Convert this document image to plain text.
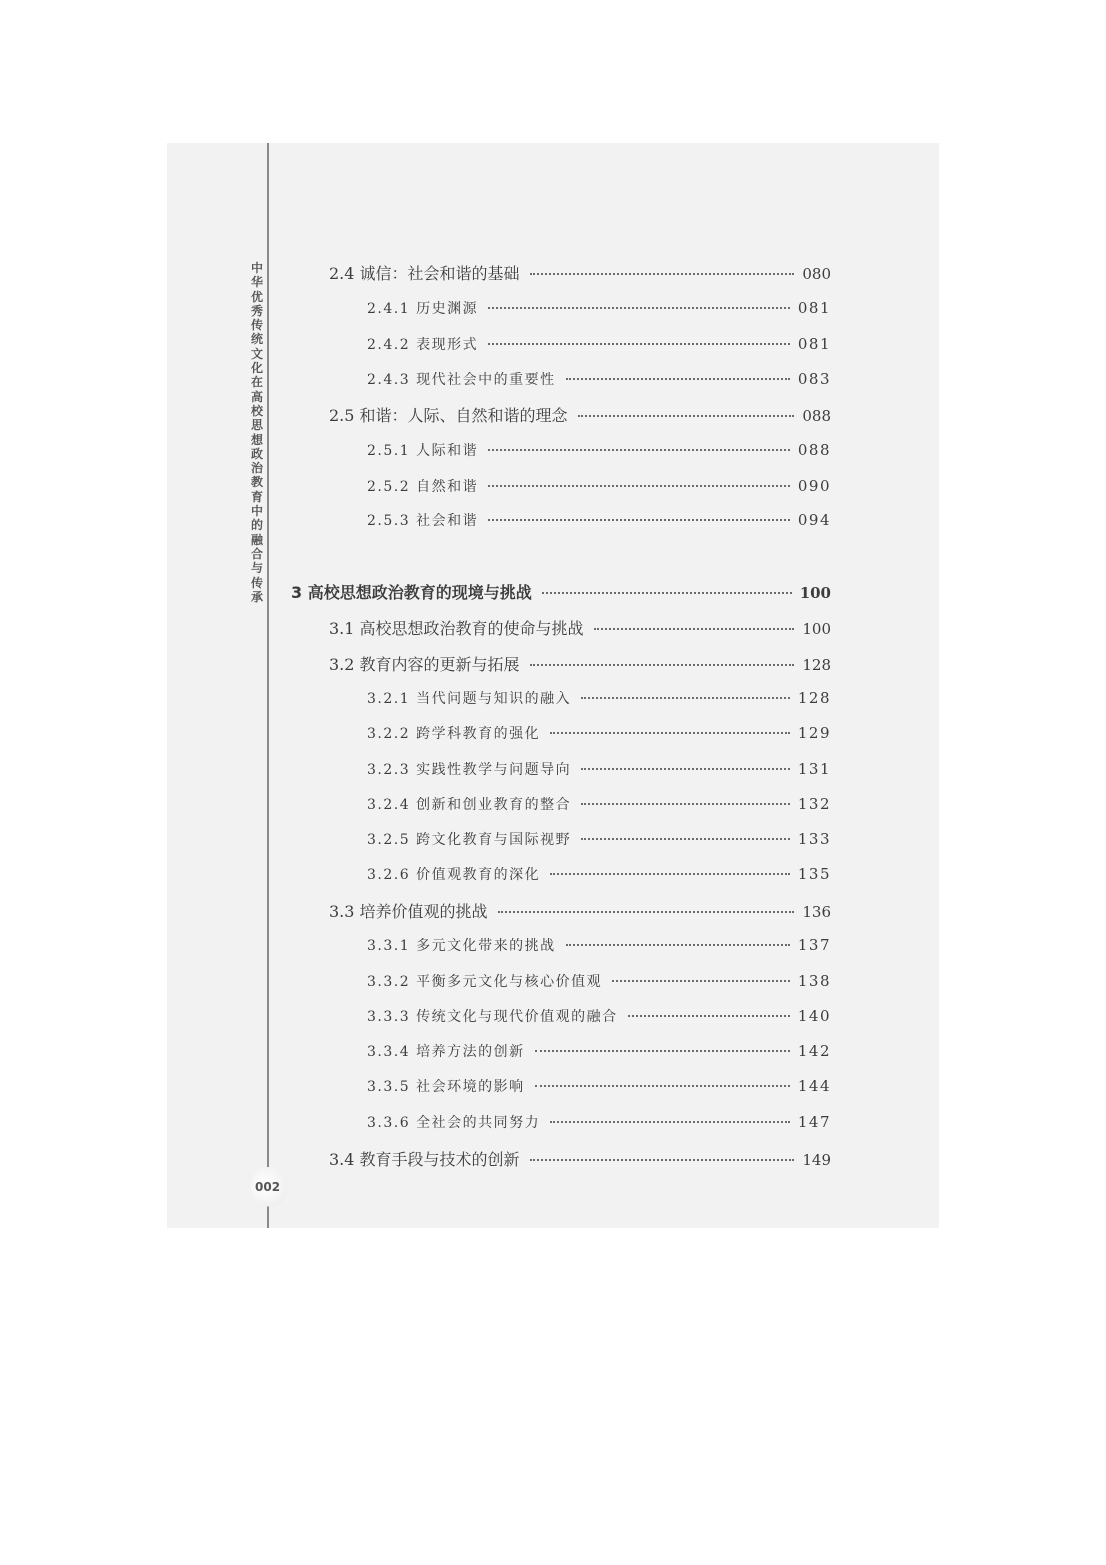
中华优秀传统文化在高校思想政治教育中的融合与传承
002
2.4 诚信：社会和谐的基础	080
2.4.1 历史渊源	081
2.4.2 表现形式	081
2.4.3 现代社会中的重要性	083
2.5 和谐：人际、自然和谐的理念	088
2.5.1 人际和谐	088
2.5.2 自然和谐	090
2.5.3 社会和谐	094
3 高校思想政治教育的现境与挑战	100
3.1 高校思想政治教育的使命与挑战	100
3.2 教育内容的更新与拓展	128
3.2.1 当代问题与知识的融入	128
3.2.2 跨学科教育的强化	129
3.2.3 实践性教学与问题导向	131
3.2.4 创新和创业教育的整合	132
3.2.5 跨文化教育与国际视野	133
3.2.6 价值观教育的深化	135
3.3 培养价值观的挑战	136
3.3.1 多元文化带来的挑战	137
3.3.2 平衡多元文化与核心价值观	138
3.3.3 传统文化与现代价值观的融合	140
3.3.4 培养方法的创新	142
3.3.5 社会环境的影响	144
3.3.6 全社会的共同努力	147
3.4 教育手段与技术的创新	149
